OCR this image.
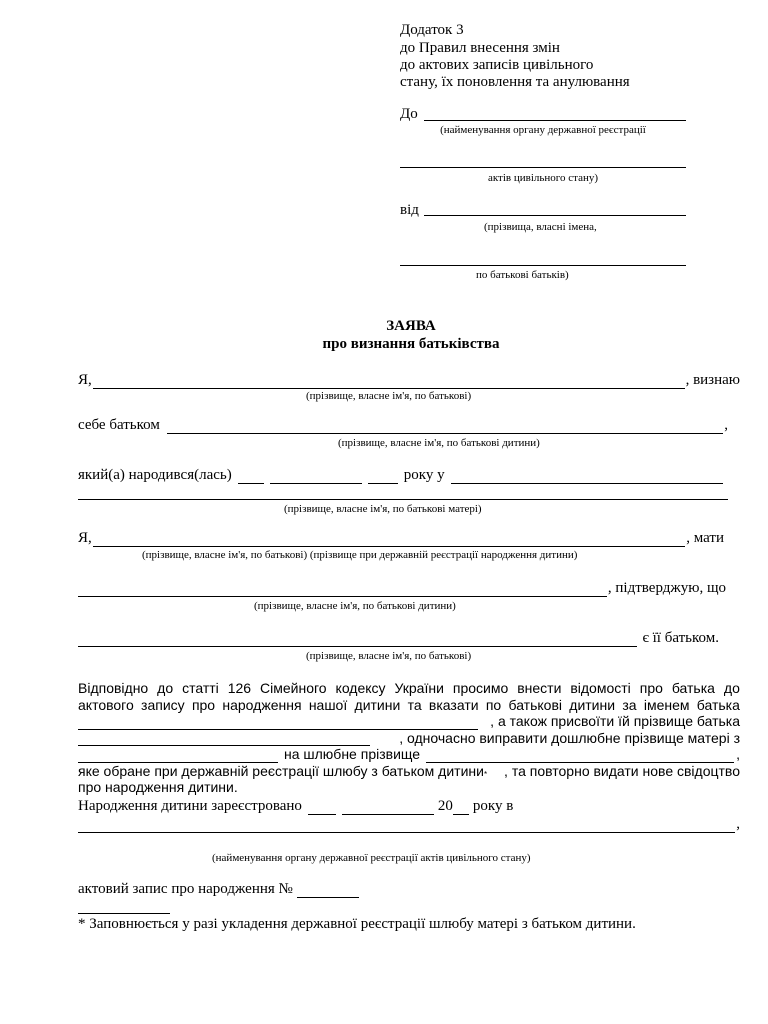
Додаток 3
до Правил внесення змін
до актових записів цивільного
стану, їх поновлення та анулювання
До
(найменування органу державної реєстрації
актів цивільного стану)
від
(прізвища, власні імена,
по батькові батьків)
ЗАЯВА
про визнання батьківства
Я,	, визнаю
(прізвище, власне ім'я, по батькові)
себе батьком	,
(прізвище, власне ім'я, по батькові дитини)
який(а) народився(лась)	року у
(прізвище, власне ім'я, по батькові матері)
Я,	, мати
(прізвище, власне ім'я, по батькові) (прізвище при державній реєстрації народження дитини)
, підтверджую, що
(прізвище, власне ім'я, по батькові дитини)
є її батьком.
(прізвище, власне ім'я, по батькові)
Відповідно до статті 126 Сімейного кодексу України просимо внести відомості про батька до
актового запису про народження нашої дитини та вказати по батькові дитини за іменем батька
, а також присвоїти їй прізвище батька
, одночасно виправити дошлюбне прізвище матері з
на шлюбне прізвище	,
яке обране при державній реєстрації шлюбу з батьком дитини$_*$ , та повторно видати нове свідоцтво
про народження дитини.
Народження дитини зареєстровано	20 року в
,
(найменування органу державної реєстрації актів цивільного стану)
актовий запис про народження №
* Заповнюється у разі укладення державної реєстрації шлюбу матері з батьком дитини.
